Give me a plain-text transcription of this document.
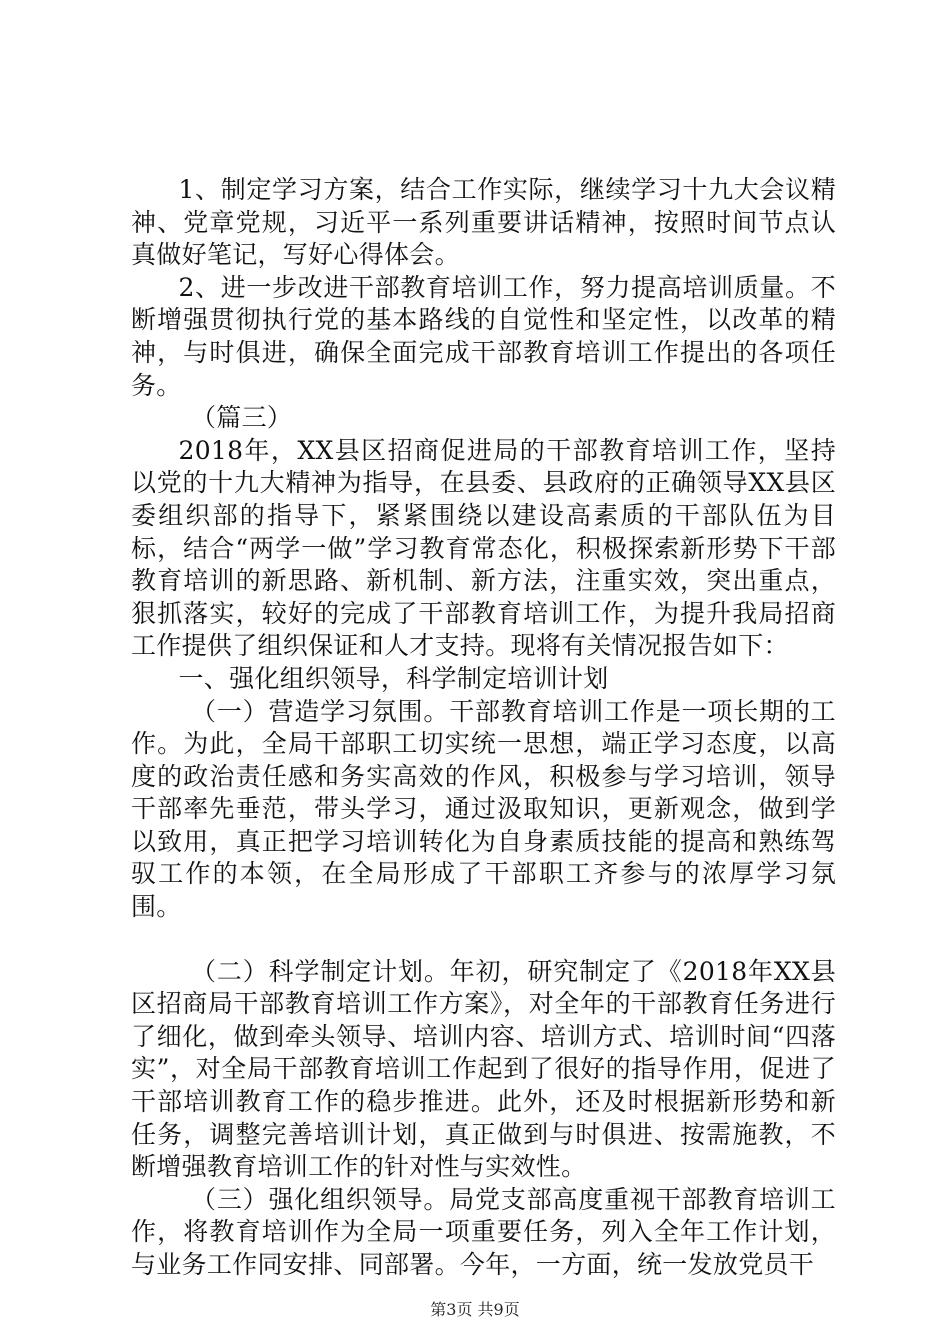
1、制定学习方案，结合工作实际，继续学习十九大会议精神、党章党规，习近平一系列重要讲话精神，按照时间节点认真做好笔记，写好心得体会。

2、进一步改进干部教育培训工作，努力提高培训质量。不断增强贯彻执行党的基本路线的自觉性和坚定性，以改革的精神，与时俱进，确保全面完成干部教育培训工作提出的各项任务。

（篇三）

2018年，XX县区招商促进局的干部教育培训工作，坚持以党的十九大精神为指导，在县委、县政府的正确领导XX县区委组织部的指导下，紧紧围绕以建设高素质的干部队伍为目标，结合“两学一做”学习教育常态化，积极探索新形势下干部教育培训的新思路、新机制、新方法，注重实效，突出重点，狠抓落实，较好的完成了干部教育培训工作，为提升我局招商工作提供了组织保证和人才支持。现将有关情况报告如下：

一、强化组织领导，科学制定培训计划

（一）营造学习氛围。干部教育培训工作是一项长期的工作。为此，全局干部职工切实统一思想，端正学习态度，以高度的政治责任感和务实高效的作风，积极参与学习培训，领导干部率先垂范，带头学习，通过汲取知识，更新观念，做到学以致用，真正把学习培训转化为自身素质技能的提高和熟练驾驭工作的本领，在全局形成了干部职工齐参与的浓厚学习氛围。

（二）科学制定计划。年初，研究制定了《2018年XX县区招商局干部教育培训工作方案》，对全年的干部教育任务进行了细化，做到牵头领导、培训内容、培训方式、培训时间“四落实”，对全局干部教育培训工作起到了很好的指导作用，促进了干部培训教育工作的稳步推进。此外，还及时根据新形势和新任务，调整完善培训计划，真正做到与时俱进、按需施教，不断增强教育培训工作的针对性与实效性。

（三）强化组织领导。局党支部高度重视干部教育培训工作，将教育培训作为全局一项重要任务，列入全年工作计划，与业务工作同安排、同部署。今年，一方面，统一发放党员干

第3页 共9页
